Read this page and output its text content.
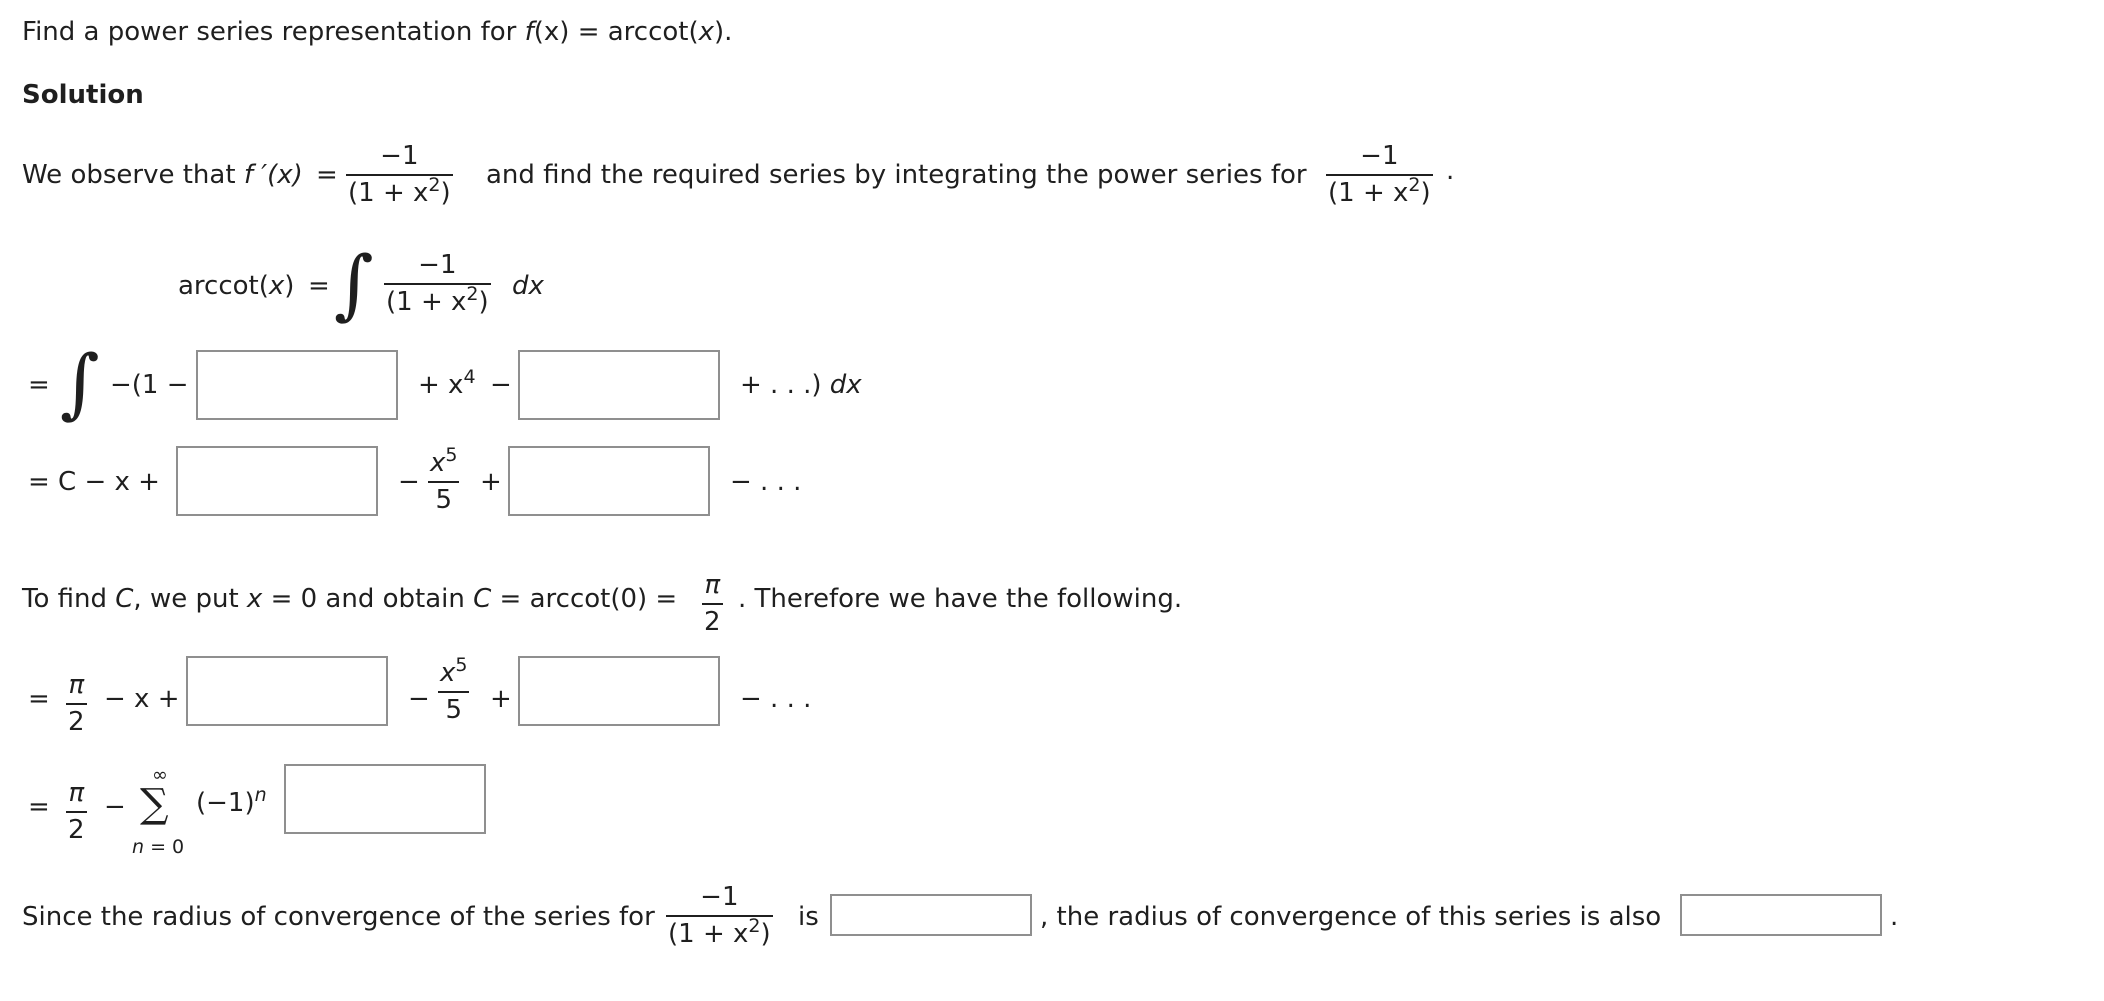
Find a power series representation for f(x) = arccot(x).
Solution
We observe that f ′(x) =
−1
$(1 + x^2)$
and find the required series by integrating the power series for
−1
$(1 + x^2)$
.
arccot(x) = ∫ −1
$(1 + x^2)$
dx
= ∫ −(1 −	+ $x^4$ −	+ . . .) dx
= C − x +	−
$x^5$
5
+	− . . .
To find C, we put x = 0 and obtain C = arccot(0) = π
2
. Therefore we have the following.
= π
2
− x +	−
$x^5$
5 +	− . . .
= π
2
−
∞
∑
n = 0
$(-1)^n$
Since the radius of convergence of the series for
−1
$(1 + x^2)$
is	, the radius of convergence of this series is also	.
